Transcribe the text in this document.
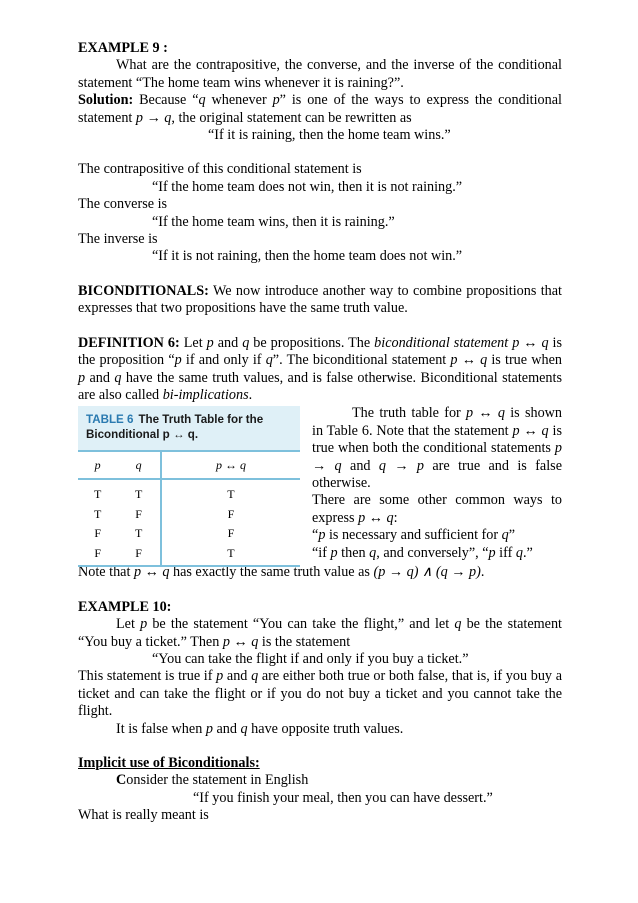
EXAMPLE 9 :

What are the contrapositive, the converse, and the inverse of the conditional statement “The home team wins whenever it is raining?”.

Solution: Because “q whenever p” is one of the ways to express the conditional statement p → q, the original statement can be rewritten as

“If it is raining, then the home team wins.”

The contrapositive of this conditional statement is

“If the home team does not win, then it is not raining.”

The converse is

“If the home team wins, then it is raining.”

The inverse is

“If it is not raining, then the home team does not win.”

BICONDITIONALS: We now introduce another way to combine propositions that expresses that two propositions have the same truth value.

DEFINITION 6: Let p and q be propositions. The biconditional statement p ↔ q is the proposition “p if and only if q”. The biconditional statement p ↔ q is true when p and q have the same truth values, and is false otherwise. Biconditional statements are also called bi-implications.

TABLE 6 The Truth Table for the
Biconditional p ↔ q.
p	q	p ↔ q
T	T	T
T	F	F
F	T	F
F	F	T

The truth table for p ↔ q is shown in Table 6. Note that the statement p ↔ q is true when both the conditional statements p → q and q → p are true and is false otherwise.

There are some other common ways to express p ↔ q:

“p is necessary and sufficient for q”

“if p then q, and conversely”, “p iff q.”

Note that p ↔ q has exactly the same truth value as (p → q) ∧ (q → p).

EXAMPLE 10:

Let p be the statement “You can take the flight,” and let q be the statement “You buy a ticket.” Then p ↔ q is the statement

“You can take the flight if and only if you buy a ticket.”

This statement is true if p and q are either both true or both false, that is, if you buy a ticket and can take the flight or if you do not buy a ticket and you cannot take the flight.

It is false when p and q have opposite truth values.

Implicit use of Biconditionals:

Consider the statement in English

“If you finish your meal, then you can have dessert.”

What is really meant is
